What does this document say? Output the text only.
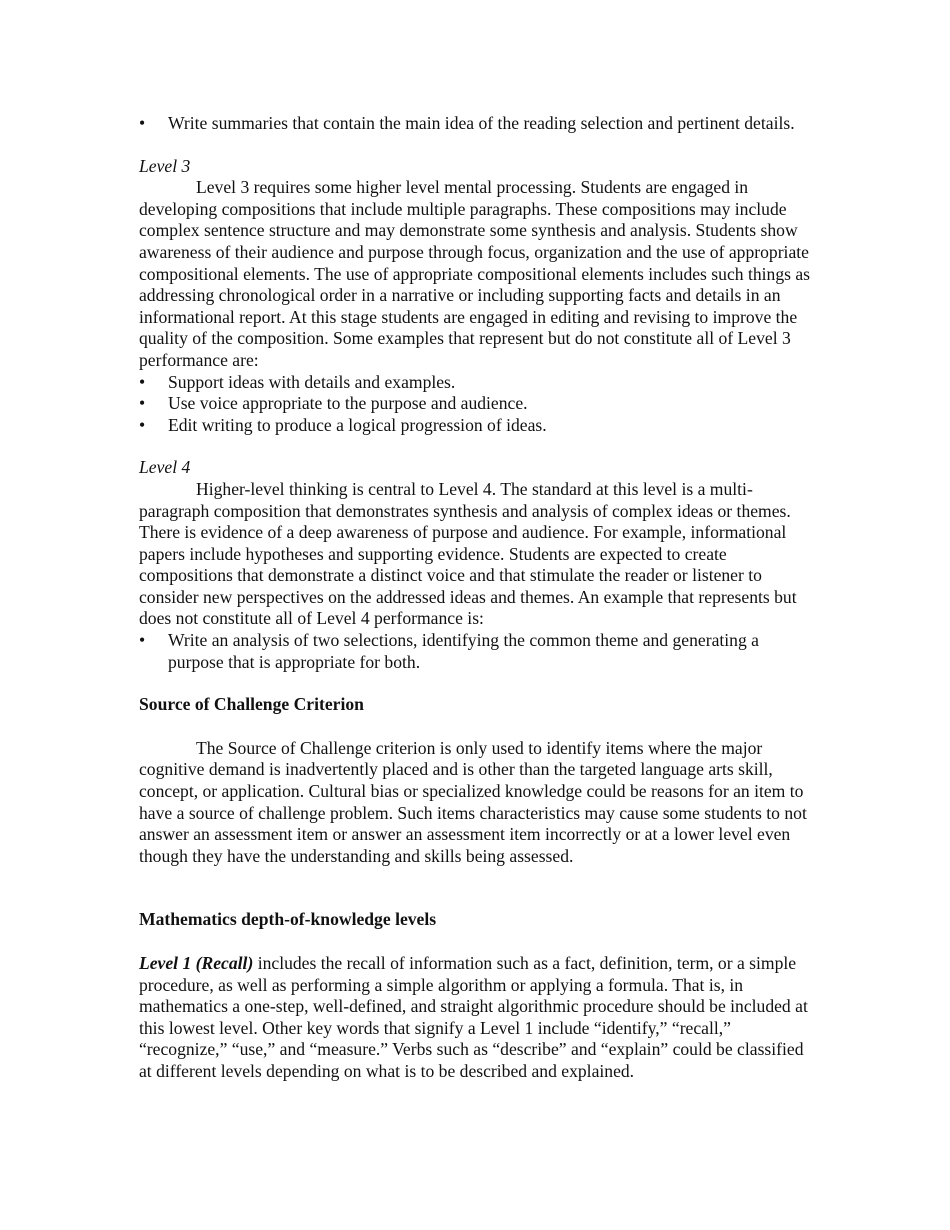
• Write summaries that contain the main idea of the reading selection and pertinent details.

Level 3

Level 3 requires some higher level mental processing. Students are engaged in developing compositions that include multiple paragraphs. These compositions may include complex sentence structure and may demonstrate some synthesis and analysis. Students show awareness of their audience and purpose through focus, organization and the use of appropriate compositional elements. The use of appropriate compositional elements includes such things as addressing chronological order in a narrative or including supporting facts and details in an informational report. At this stage students are engaged in editing and revising to improve the quality of the composition. Some examples that represent but do not constitute all of Level 3 performance are:

• Support ideas with details and examples.
• Use voice appropriate to the purpose and audience.
• Edit writing to produce a logical progression of ideas.

Level 4

Higher-level thinking is central to Level 4. The standard at this level is a multi-paragraph composition that demonstrates synthesis and analysis of complex ideas or themes. There is evidence of a deep awareness of purpose and audience. For example, informational papers include hypotheses and supporting evidence. Students are expected to create compositions that demonstrate a distinct voice and that stimulate the reader or listener to consider new perspectives on the addressed ideas and themes. An example that represents but does not constitute all of Level 4 performance is:

• Write an analysis of two selections, identifying the common theme and generating a purpose that is appropriate for both.

Source of Challenge Criterion

The Source of Challenge criterion is only used to identify items where the major cognitive demand is inadvertently placed and is other than the targeted language arts skill, concept, or application. Cultural bias or specialized knowledge could be reasons for an item to have a source of challenge problem. Such items characteristics may cause some students to not answer an assessment item or answer an assessment item incorrectly or at a lower level even though they have the understanding and skills being assessed.

Mathematics depth-of-knowledge levels

Level 1 (Recall) includes the recall of information such as a fact, definition, term, or a simple procedure, as well as performing a simple algorithm or applying a formula. That is, in mathematics a one-step, well-defined, and straight algorithmic procedure should be included at this lowest level. Other key words that signify a Level 1 include “identify,” “recall,” “recognize,” “use,” and “measure.” Verbs such as “describe” and “explain” could be classified at different levels depending on what is to be described and explained.
